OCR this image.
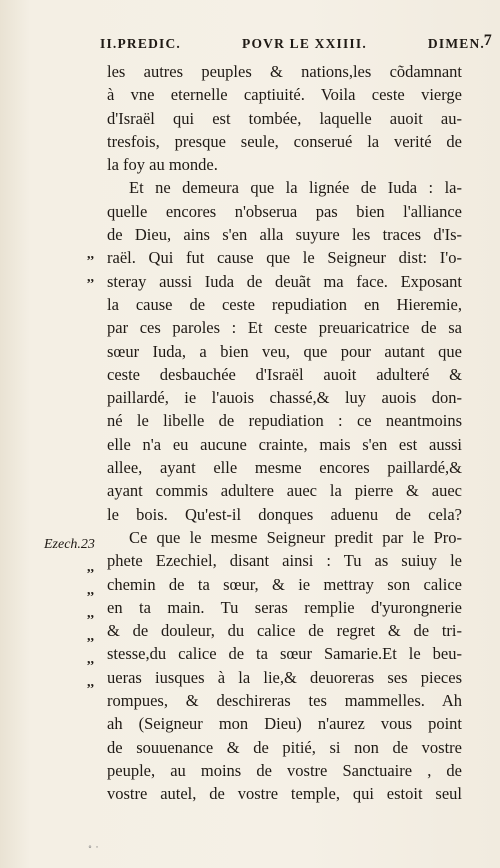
II.PREDIC.	POVR LE XXIIII.	DIMEN.
7
les autres peuples & nations,les cõdamnant
à vne eternelle captiuité. Voila ceste vierge
d'Israël qui est tombée, laquelle auoit au-
tresfois, presque seule, conserué la verité de
la foy au monde.
Et ne demeura que la lignée de Iuda : la-
quelle encores n'obserua pas bien l'alliance
de Dieu, ains s'en alla suyure les traces d'Is-
raël. Qui fut cause que le Seigneur dist: I'o-
steray aussi Iuda de deuãt ma face. Exposant
la cause de ceste repudiation en Hieremie,
par ces paroles : Et ceste preuaricatrice de sa
sœur Iuda, a bien veu, que pour autant que
ceste desbauchée d'Israël auoit adulteré &
paillardé, ie l'auois chassé,& luy auois don-
né le libelle de repudiation : ce neantmoins
elle n'a eu aucune crainte, mais s'en est aussi
allee, ayant elle mesme encores paillardé,&
ayant commis adultere auec la pierre & auec
le bois. Qu'est-il donques aduenu de cela?
Ce que le mesme Seigneur predit par le Pro-
phete Ezechiel, disant ainsi : Tu as suiuy le
chemin de ta sœur, & ie mettray son calice
en ta main. Tu seras remplie d'yurongnerie
& de douleur, du calice de regret & de tri-
stesse,du calice de ta sœur Samarie.Et le beu-
ueras iusques à la lie,& deuoreras ses pieces
rompues, & deschireras tes mammelles. Ah
ah (Seigneur mon Dieu) n'aurez vous point
de souuenance & de pitié, si non de vostre
peuple, au moins de vostre Sanctuaire , de
vostre autel, de vostre temple, qui estoit seul
,,
,,
Ezech.23
,,
,,
,,
,,
,,
,,
˚ ˙
